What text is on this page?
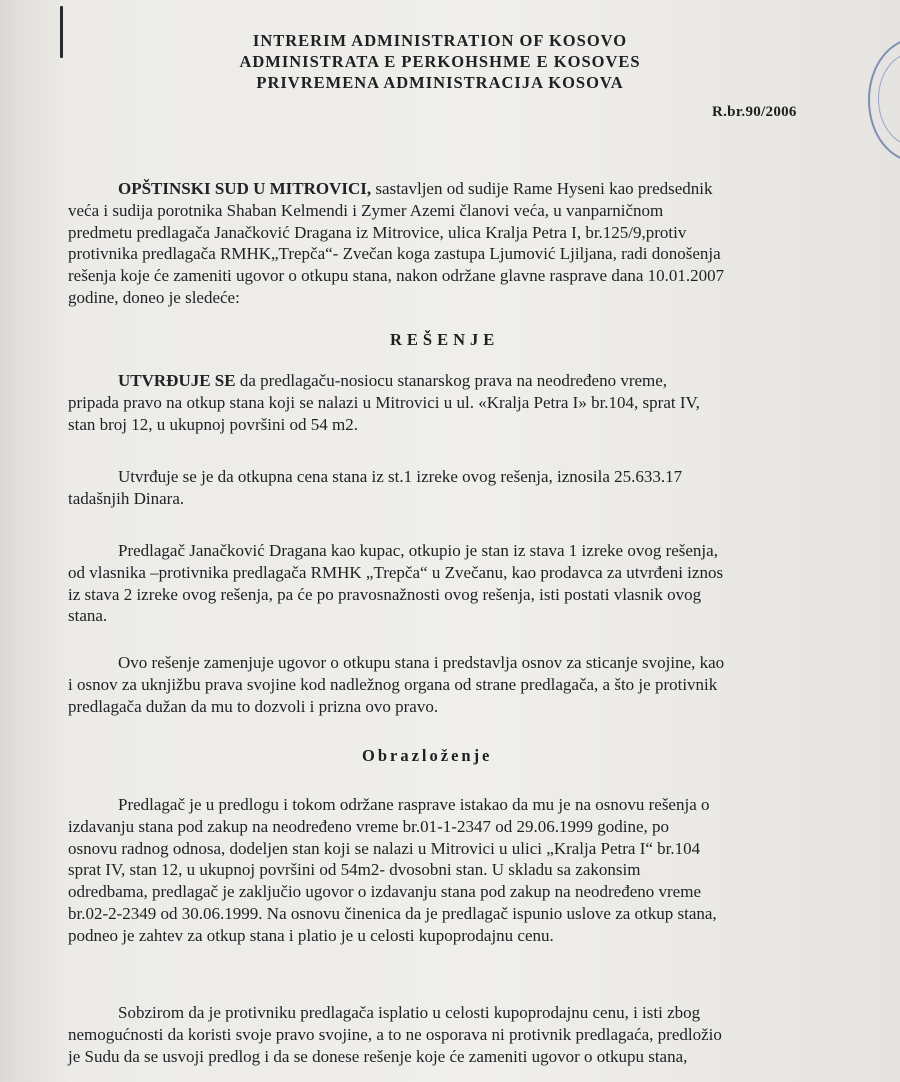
INTRERIM ADMINISTRATION OF KOSOVO
ADMINISTRATA E PERKOHSHME E KOSOVES
PRIVREMENA ADMINISTRACIJA KOSOVA
R.br.90/2006
OPŠTINSKI SUD U MITROVICI, sastavljen od sudije Rame Hyseni kao predsednik
veća i sudija porotnika Shaban Kelmendi i Zymer Azemi članovi veća, u vanparničnom
predmetu predlagača Janačković Dragana iz Mitrovice, ulica Kralja Petra I, br.125/9,protiv
protivnika predlagača RMHK„Trepča“- Zvečan koga zastupa Ljumović Ljiljana, radi donošenja
rešenja koje će zameniti ugovor o otkupu stana, nakon održane glavne rasprave dana 10.01.2007
godine, doneo je sledeće:
REŠENJE
UTVRĐUJE SE da predlagaču-nosiocu stanarskog prava na neodređeno vreme,
pripada pravo na otkup stana koji se nalazi u Mitrovici u ul. «Kralja Petra I» br.104, sprat IV,
stan broj 12, u ukupnoj površini od 54 m2.
Utvrđuje se je da otkupna cena stana iz st.1 izreke ovog rešenja, iznosila 25.633.17
tadašnjih Dinara.
Predlagač Janačković Dragana kao kupac, otkupio je stan iz stava 1 izreke ovog rešenja,
od vlasnika –protivnika predlagača RMHK „Trepča“ u Zvečanu, kao prodavca za utvrđeni iznos
iz stava 2 izreke ovog rešenja, pa će po pravosnažnosti ovog rešenja, isti postati vlasnik ovog
stana.
Ovo rešenje zamenjuje ugovor o otkupu stana i predstavlja osnov za sticanje svojine, kao
i osnov za uknjižbu prava svojine kod nadležnog organa od strane predlagača, a što je protivnik
predlagača dužan da mu to dozvoli i prizna ovo pravo.
Obrazloženje
Predlagač je u predlogu i tokom održane rasprave istakao da mu je na osnovu rešenja o
izdavanju stana pod zakup na neodređeno vreme br.01-1-2347 od 29.06.1999 godine, po
osnovu radnog odnosa, dodeljen stan koji se nalazi u Mitrovici u ulici „Kralja Petra I“ br.104
sprat IV, stan 12, u ukupnoj površini od 54m2- dvosobni stan. U skladu sa zakonsim
odredbama, predlagač je zaključio ugovor o izdavanju stana pod zakup na neodređeno vreme
br.02-2-2349 od 30.06.1999. Na osnovu činenica da je predlagač ispunio uslove za otkup stana,
podneo je zahtev za otkup stana i platio je u celosti kupoprodajnu cenu.
Sobzirom da je protivniku predlagača isplatio u celosti kupoprodajnu cenu, i isti zbog
nemogućnosti da koristi svoje pravo svojine, a to ne osporava ni protivnik predlagaća, predložio
je Sudu da se usvoji predlog i da se donese rešenje koje će zameniti ugovor o otkupu stana,
